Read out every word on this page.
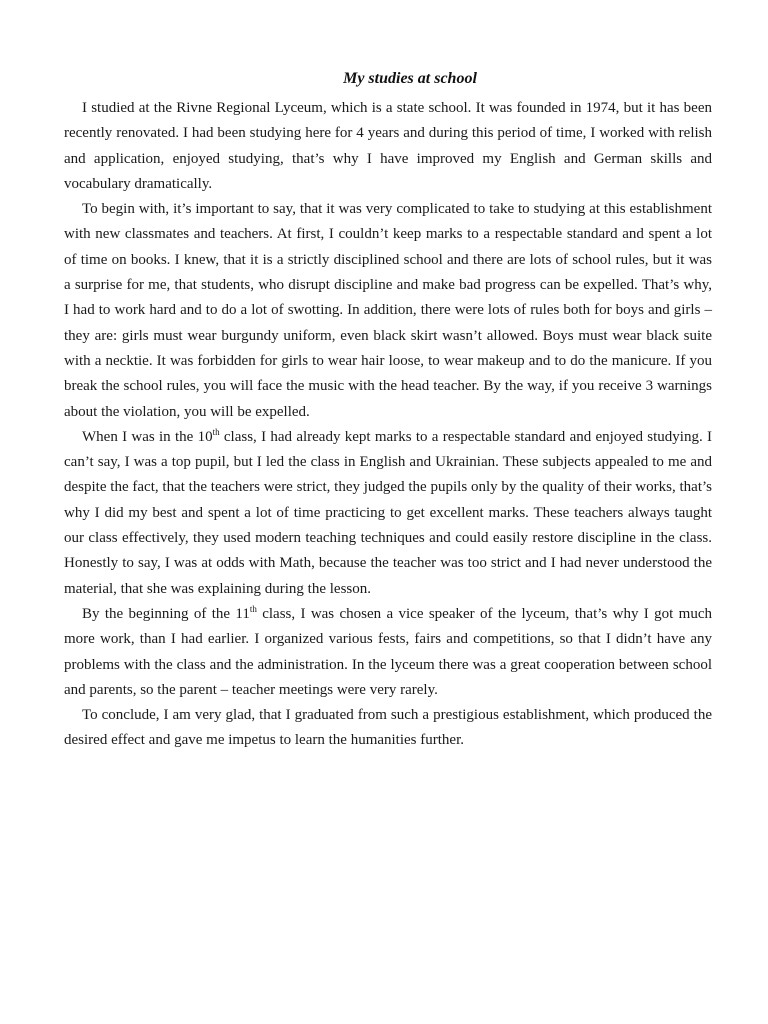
My studies at school

I studied at the Rivne Regional Lyceum, which is a state school. It was founded in 1974, but it has been recently renovated. I had been studying here for 4 years and during this period of time, I worked with relish and application, enjoyed studying, that’s why I have improved my English and German skills and vocabulary dramatically.

To begin with, it’s important to say, that it was very complicated to take to studying at this establishment with new classmates and teachers. At first, I couldn’t keep marks to a respectable standard and spent a lot of time on books. I knew, that it is a strictly disciplined school and there are lots of school rules, but it was a surprise for me, that students, who disrupt discipline and make bad progress can be expelled. That’s why, I had to work hard and to do a lot of swotting. In addition, there were lots of rules both for boys and girls – they are: girls must wear burgundy uniform, even black skirt wasn’t allowed. Boys must wear black suite with a necktie. It was forbidden for girls to wear hair loose, to wear makeup and to do the manicure. If you break the school rules, you will face the music with the head teacher. By the way, if you receive 3 warnings about the violation, you will be expelled.

When I was in the 10th class, I had already kept marks to a respectable standard and enjoyed studying. I can’t say, I was a top pupil, but I led the class in English and Ukrainian. These subjects appealed to me and despite the fact, that the teachers were strict, they judged the pupils only by the quality of their works, that’s why I did my best and spent a lot of time practicing to get excellent marks. These teachers always taught our class effectively, they used modern teaching techniques and could easily restore discipline in the class. Honestly to say, I was at odds with Math, because the teacher was too strict and I had never understood the material, that she was explaining during the lesson.

By the beginning of the 11th class, I was chosen a vice speaker of the lyceum, that’s why I got much more work, than I had earlier. I organized various fests, fairs and competitions, so that I didn’t have any problems with the class and the administration. In the lyceum there was a great cooperation between school and parents, so the parent – teacher meetings were very rarely.

To conclude, I am very glad, that I graduated from such a prestigious establishment, which produced the desired effect and gave me impetus to learn the humanities further.
